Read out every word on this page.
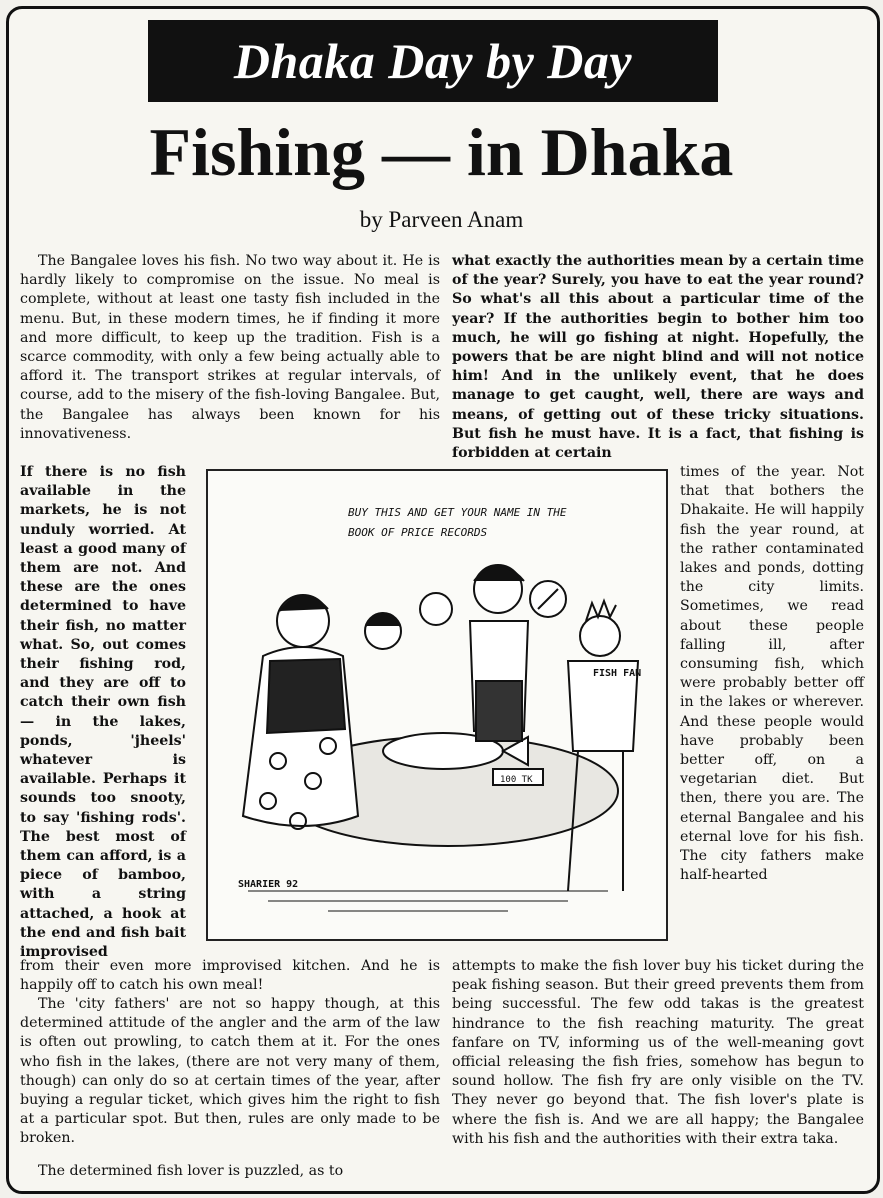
Dhaka Day by Day
Fishing — in Dhaka
by Parveen Anam

The Bangalee loves his fish. No two way about it. He is hardly likely to compromise on the issue. No meal is complete, without at least one tasty fish included in the menu. But, in these modern times, he if finding it more and more difficult, to keep up the tradition. Fish is a scarce commodity, with only a few being actually able to afford it. The transport strikes at regular intervals, of course, add to the misery of the fish-loving Bangalee. But, the Bangalee has always been known for his innovativeness.

If there is no fish available in the markets, he is not unduly worried. At least a good many of them are not. And these are the ones determined to have their fish, no matter what. So, out comes their fishing rod, and they are off to catch their own fish — in the lakes, ponds, 'jheels' whatever is available. Perhaps it sounds too snooty, to say 'fishing rods'. The best most of them can afford, is a piece of bamboo, with a string attached, a hook at the end and fish bait improvised

from their even more improvised kitchen. And he is happily off to catch his own meal!

The 'city fathers' are not so happy though, at this determined attitude of the angler and the arm of the law is often out prowling, to catch them at it. For the ones who fish in the lakes, (there are not very many of them, though) can only do so at certain times of the year, after buying a regular ticket, which gives him the right to fish at a particular spot. But then, rules are only made to be broken.

The determined fish lover is puzzled, as to

what exactly the authorities mean by a certain time of the year? Surely, you have to eat the year round? So what's all this about a particular time of the year? If the authorities begin to bother him too much, he will go fishing at night. Hopefully, the powers that be are night blind and will not notice him! And in the unlikely event, that he does manage to get caught, well, there are ways and means, of getting out of these tricky situations. But fish he must have. It is a fact, that fishing is forbidden at certain

times of the year. Not that that bothers the Dhakaite. He will happily fish the year round, at the rather contaminated lakes and ponds, dotting the city limits. Sometimes, we read about these people falling ill, after consuming fish, which were probably better off in the lakes or wherever. And these people would have probably been better off, on a vegetarian diet. But then, there you are. The eternal Bangalee and his eternal love for his fish. The city fathers make half-hearted

attempts to make the fish lover buy his ticket during the peak fishing season. But their greed prevents them from being successful. The few odd takas is the greatest hindrance to the fish reaching maturity. The great fanfare on TV, informing us of the well-meaning govt official releasing the fish fries, somehow has begun to sound hollow. The fish fry are only visible on the TV. They never go beyond that. The fish lover's plate is where the fish is. And we are all happy; the Bangalee with his fish and the authorities with their extra taka.

BUY THIS AND GET YOUR NAME IN THE BOOK OF PRICE RECORDS
FISH FAN
100 TK
SHARIER 92
